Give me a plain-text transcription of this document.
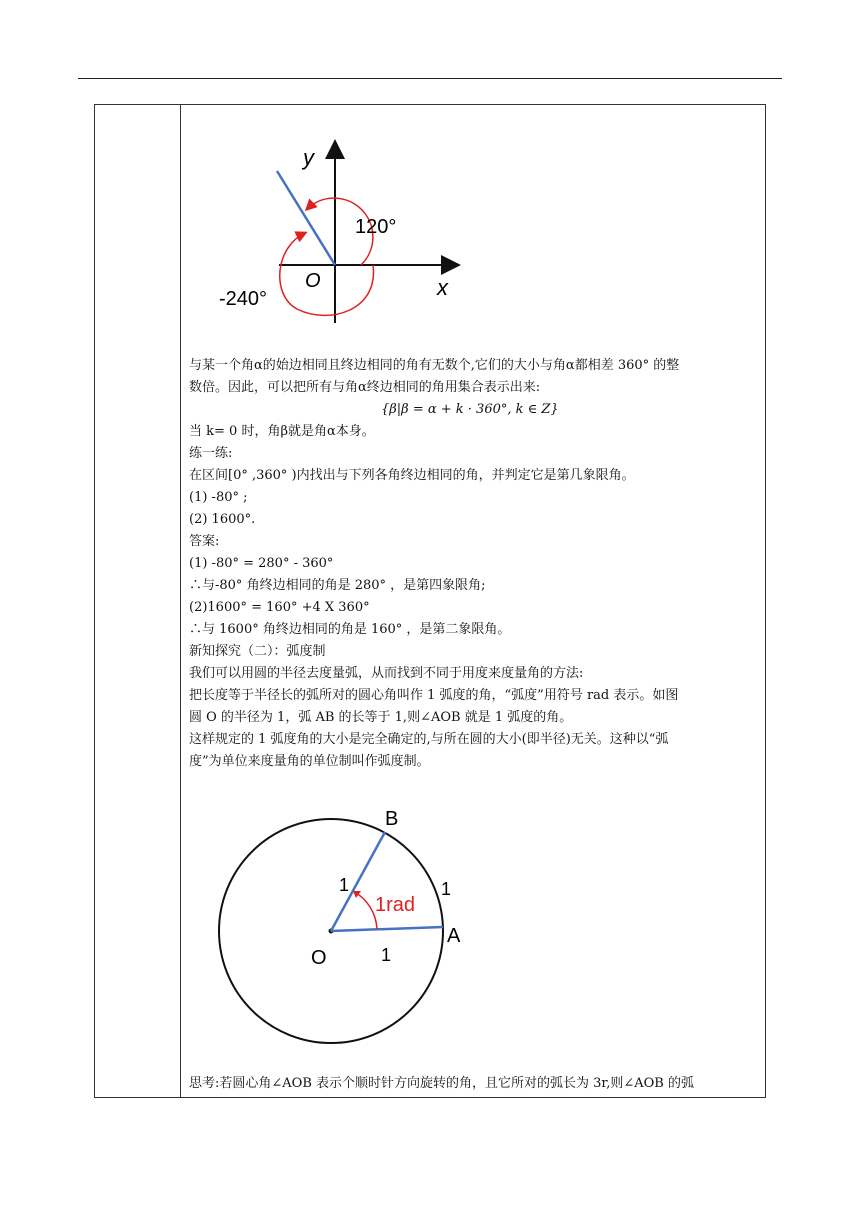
y
x
O
120°
-240°
与某一个角α的始边相同且终边相同的角有无数个,它们的大小与角α都相差 360° 的整
数倍。因此，可以把所有与角α终边相同的角用集合表示出来:
{β|β = α + k · 360°, k ∈ Z}
当 k= 0 时，角β就是角α本身。
练一练:
在区间[0° ,360° )内找出与下列各角终边相同的角，并判定它是第几象限角。
(1) -80° ;
(2) 1600°.
答案:
(1) -80° = 280° - 360°
∴与-80° 角终边相同的角是 280° ，是第四象限角;
(2)1600° = 160° +4 X 360°
∴与 1600° 角终边相同的角是 160° ，是第二象限角。
新知探究（二）：弧度制
我们可以用圆的半径去度量弧，从而找到不同于用度来度量角的方法:
把长度等于半径长的弧所对的圆心角叫作 1 弧度的角，“弧度”用符号 rad 表示。如图
圆 O 的半径为 1，弧 AB 的长等于 1,则∠AOB 就是 1 弧度的角。
这样规定的 1 弧度角的大小是完全确定的,与所在圆的大小(即半径)无关。这种以“弧
度”为单位来度量角的单位制叫作弧度制。
B
A
O
1
1
1
1rad
思考:若圆心角∠AOB 表示个顺时针方向旋转的角，且它所对的弧长为 3r,则∠AOB 的弧
